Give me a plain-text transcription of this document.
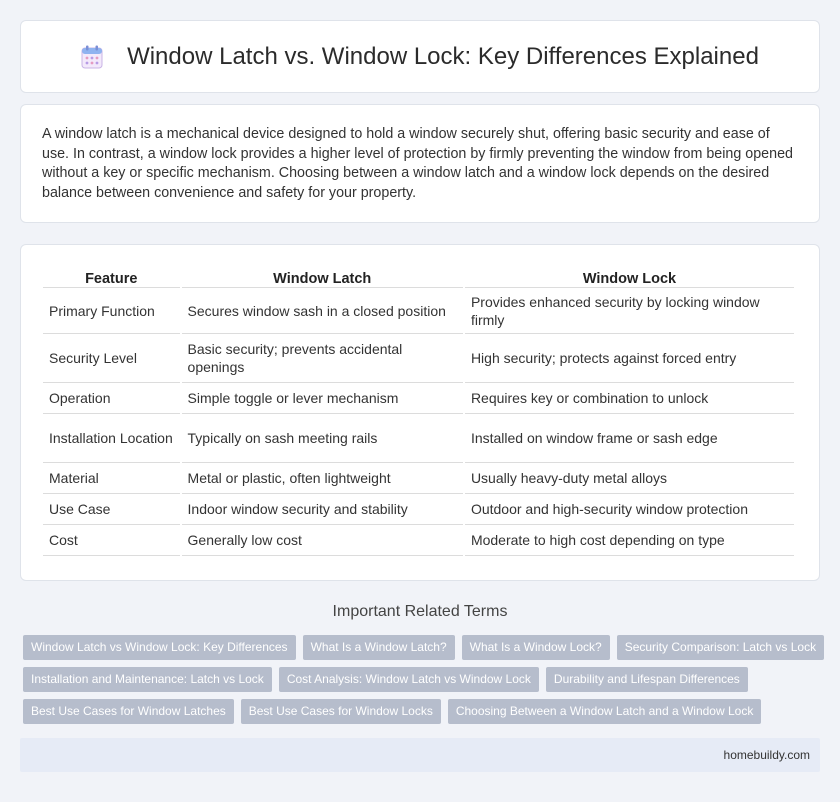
Window Latch vs. Window Lock: Key Differences Explained

A window latch is a mechanical device designed to hold a window securely shut, offering basic security and ease of use. In contrast, a window lock provides a higher level of protection by firmly preventing the window from being opened without a key or specific mechanism. Choosing between a window latch and a window lock depends on the desired balance between convenience and safety for your property.

Feature	Window Latch	Window Lock
Primary Function	Secures window sash in a closed position	Provides enhanced security by locking window firmly
Security Level	Basic security; prevents accidental openings	High security; protects against forced entry
Operation	Simple toggle or lever mechanism	Requires key or combination to unlock
Installation Location	Typically on sash meeting rails	Installed on window frame or sash edge
Material	Metal or plastic, often lightweight	Usually heavy-duty metal alloys
Use Case	Indoor window security and stability	Outdoor and high-security window protection
Cost	Generally low cost	Moderate to high cost depending on type
Important Related Terms
Window Latch vs Window Lock: Key Differences	What Is a Window Latch?	What Is a Window Lock?	Security Comparison: Latch vs Lock
Installation and Maintenance: Latch vs Lock	Cost Analysis: Window Latch vs Window Lock	Durability and Lifespan Differences
Best Use Cases for Window Latches	Best Use Cases for Window Locks	Choosing Between a Window Latch and a Window Lock
homebuildy.com
